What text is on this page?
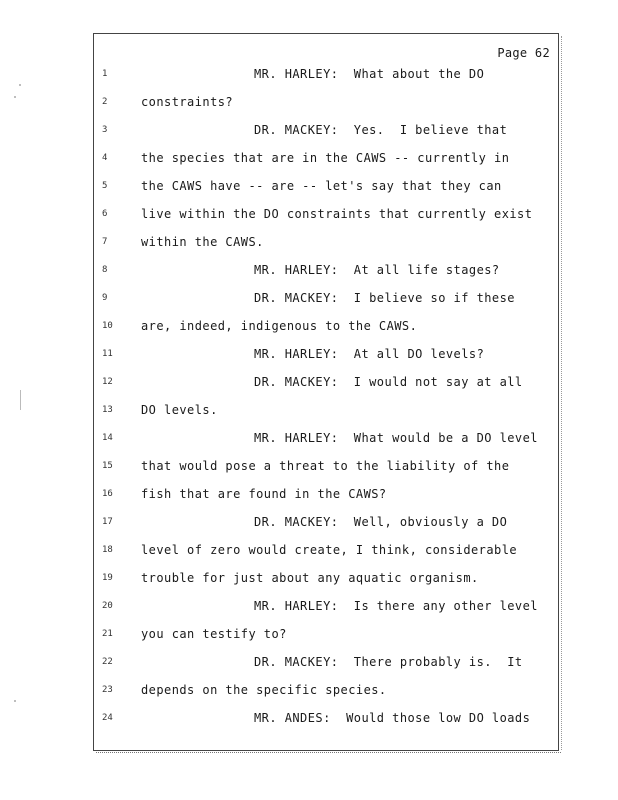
Page 62
1	MR. HARLEY:  What about the DO
2	constraints?
3	DR. MACKEY:  Yes.  I believe that
4	the species that are in the CAWS -- currently in
5	the CAWS have -- are -- let's say that they can
6	live within the DO constraints that currently exist
7	within the CAWS.
8	MR. HARLEY:  At all life stages?
9	DR. MACKEY:  I believe so if these
10	are, indeed, indigenous to the CAWS.
11	MR. HARLEY:  At all DO levels?
12	DR. MACKEY:  I would not say at all
13	DO levels.
14	MR. HARLEY:  What would be a DO level
15	that would pose a threat to the liability of the
16	fish that are found in the CAWS?
17	DR. MACKEY:  Well, obviously a DO
18	level of zero would create, I think, considerable
19	trouble for just about any aquatic organism.
20	MR. HARLEY:  Is there any other level
21	you can testify to?
22	DR. MACKEY:  There probably is.  It
23	depends on the specific species.
24	MR. ANDES:  Would those low DO loads
